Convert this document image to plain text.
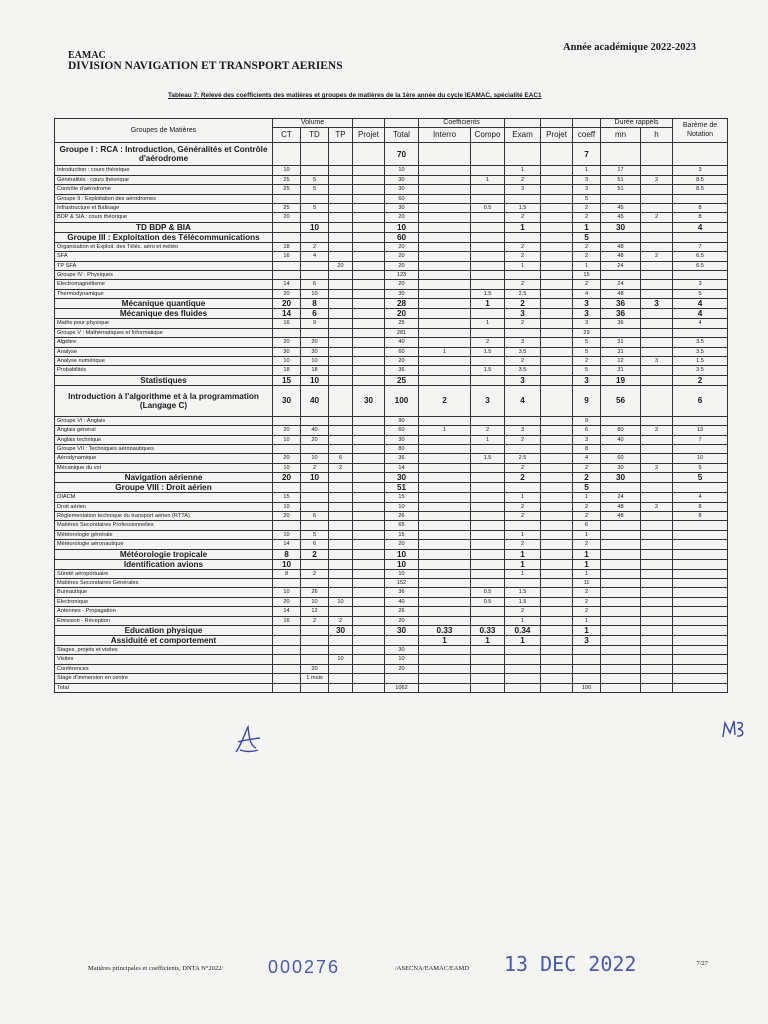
EAMAC
DIVISION NAVIGATION ET TRANSPORT AERIENS
Année académique 2022-2023
Tableau 7: Relevé des coefficients des matières et groupes de matières de la 1ère année du cycle IEAMAC, spécialité EAC1
Groupes de Matières	Volume					Coefficients					Durée rappels		Barème de Notation
	CT	TD	TP	Projet	Total	Interro	Compo	Exam	Projet	coeff	mn	h	
Groupe I : RCA : Introduction, Généralités et Contrôle d'aérodrome					70					7			
Introduction : cours théorique	10				10			1		1	17		3
Généralités : cours théorique	25	5			30		1	2		3	51	2	8.5
Contrôle d'aérodrome	25	5			30			3		3	51		8.5
Groupe II : Exploitation des aérodromes					60					5			
Infrastructure et Balisage	25	5			30		0.5	1.5		2	45		8
BDP & SIA : cours théorique	20				20			2		2	45	2	8
TD BDP & BIA		10			10			1		1	30		4
Groupe III : Exploitation des Télécommunications					60					5			
Organisation et Exploit. des Téléc. aéro et météo	18	2			20			2		2	48		7
SFA	16	4			20			2		2	48	2	6.5
TP SFA			20		20			1		1	24		6.5
Groupe IV : Physiques					123					15			
Electromagnétisme	14	6			20			2		2	24		3
Thermodynamique	20	10			30		1.5	2.5		4	48		5
Mécanique quantique	20	8			28		1	2		3	36	3	4
Mécanique des fluides	14	6			20			3		3	36		4
Maths pour physique	16	9			25		1	2		3	36		4
Groupe V : Mathématiques et Informatique					281					29			
Algèbre	20	20			40		2	3		5	31		3.5
Analyse	30	30			60	1	1.5	3.5		5	31		3.5
Analyse numérique	10	10			20			2		2	12	3	1.5
Probabilités	18	18			36		1.5	3.5		5	31		3.5
Statistiques	15	10			25			3		3	19		2
Introduction à l'algorithme et à la programmation (Langage C)	30	40		30	100	2	3	4		9	56		6
Groupe VI : Anglais					90					9			
Anglais général	20	40			60	1	2	3		6	80	2	13
Anglais technique	10	20			30		1	2		3	40		7
Groupe VII : Techniques aéronautiques					80					8			
Aérodynamique	20	10	6		36		1.5	2.5		4	60		10
Mécanique du vol	10	2	2		14			2		2	30	2	5
Navigation aérienne	20	10			30			2		2	30		5
Groupe VIII : Droit aérien					51					5			
OIACM	15				15			1		1	24		4
Droit aérien	10				10			2		2	48	2	8
Réglementation technique du transport aérien (RTTA)	20	6			26			2		2	48		8
Matières Secondaires Professionnelles					65					6			
Météorologie générale	10	5			15			1		1			
Météorologie aéronautique	14	6			20			2		2			
Météorologie tropicale	8	2			10			1		1			
Identification avions	10				10			1		1			
Sûreté aéroportuaire	8	2			10			1		1			
Matières Secondaires Générales					152					11			
Bureautique	10	26			36		0.5	1.5		2			
Electronique	20	10	10		40		0.5	1.5		2			
Antennes - Propagation	14	12			26			2		2			
Emission - Réception	16	2	2		20			1		1			
Education physique			30		30	0.33	0.33	0.34		1			
Assiduité et comportement						1	1	1		3			
Stages, projets et visites					30								
Visites			10		10								
Conférences		20			20								
Stage d'immersion en centre		1 mois											
Total					1062					100			
Matières principales et coefficients, DNTA N°2022/ 000276	/ASECNA/EAMAC/EAMD 13 DEC 2022	7/27
